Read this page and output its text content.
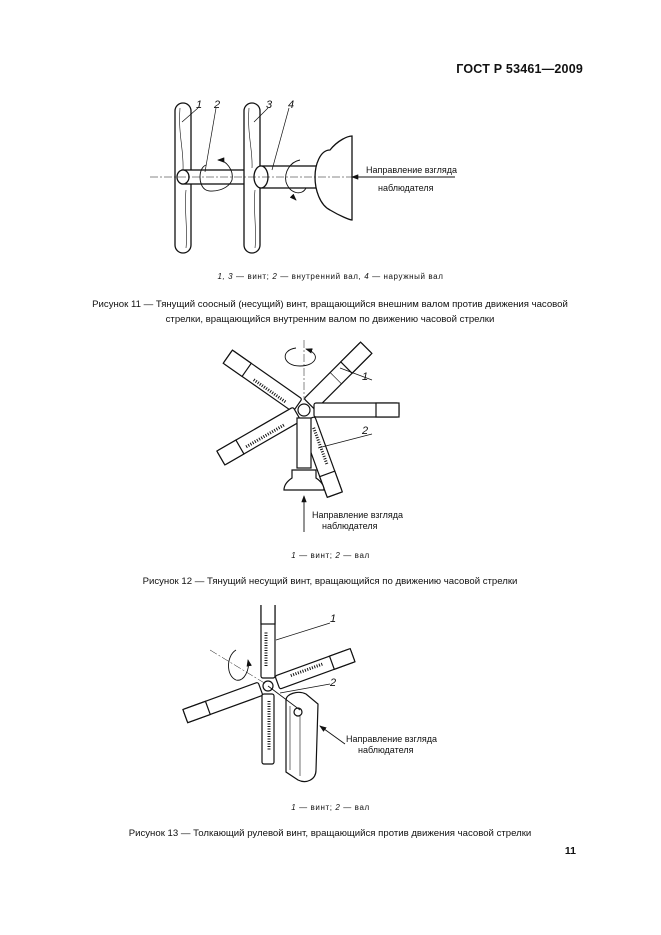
ГОСТ Р 53461—2009
1 2	3 4
Направление взгляда
наблюдателя
1, 3 — винт; 2 — внутренний вал, 4 — наружный вал
Рисунок 11 — Тянущий соосный (несущий) винт, вращающийся внешним валом против движения часовой стрелки, вращающийся внутренним валом по движению часовой стрелки
1
2
Направление взгляда
наблюдателя
1 — винт; 2 — вал
Рисунок 12 — Тянущий несущий винт, вращающийся по движению часовой стрелки
1
2
Направление взгляда
наблюдателя
1 — винт; 2 — вал
Рисунок 13 — Толкающий рулевой винт, вращающийся против движения часовой стрелки
11
